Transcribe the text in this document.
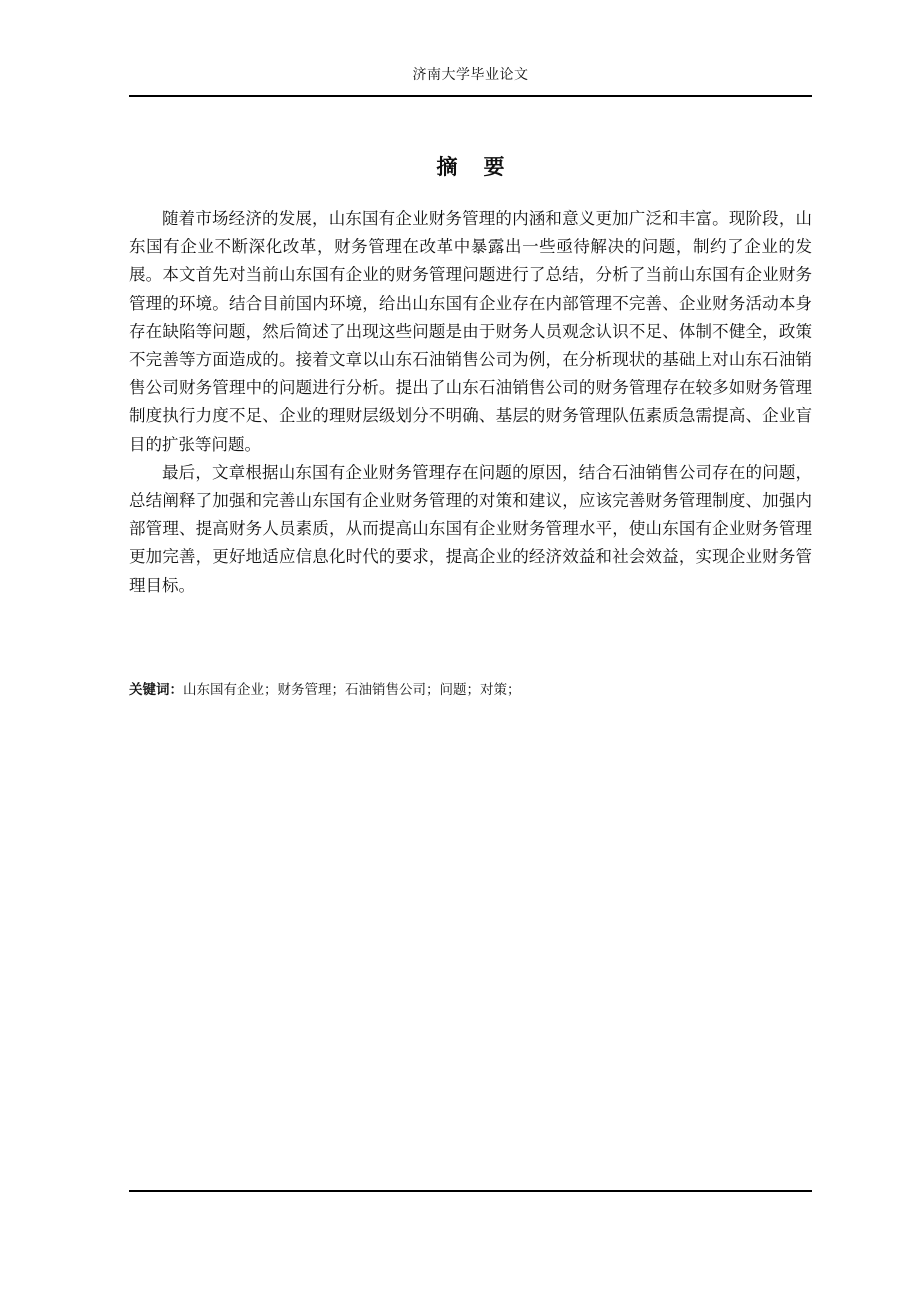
济南大学毕业论文
摘要

随着市场经济的发展，山东国有企业财务管理的内涵和意义更加广泛和丰富。现阶段，山东国有企业不断深化改革，财务管理在改革中暴露出一些亟待解决的问题，制约了企业的发展。本文首先对当前山东国有企业的财务管理问题进行了总结，分析了当前山东国有企业财务管理的环境。结合目前国内环境，给出山东国有企业存在内部管理不完善、企业财务活动本身存在缺陷等问题，然后简述了出现这些问题是由于财务人员观念认识不足、体制不健全，政策不完善等方面造成的。接着文章以山东石油销售公司为例，在分析现状的基础上对山东石油销售公司财务管理中的问题进行分析。提出了山东石油销售公司的财务管理存在较多如财务管理制度执行力度不足、企业的理财层级划分不明确、基层的财务管理队伍素质急需提高、企业盲目的扩张等问题。

最后，文章根据山东国有企业财务管理存在问题的原因，结合石油销售公司存在的问题，总结阐释了加强和完善山东国有企业财务管理的对策和建议，应该完善财务管理制度、加强内部管理、提高财务人员素质，从而提高山东国有企业财务管理水平，使山东国有企业财务管理更加完善，更好地适应信息化时代的要求，提高企业的经济效益和社会效益，实现企业财务管理目标。

关键词：山东国有企业；财务管理；石油销售公司；问题；对策；
zixin.com.cn
